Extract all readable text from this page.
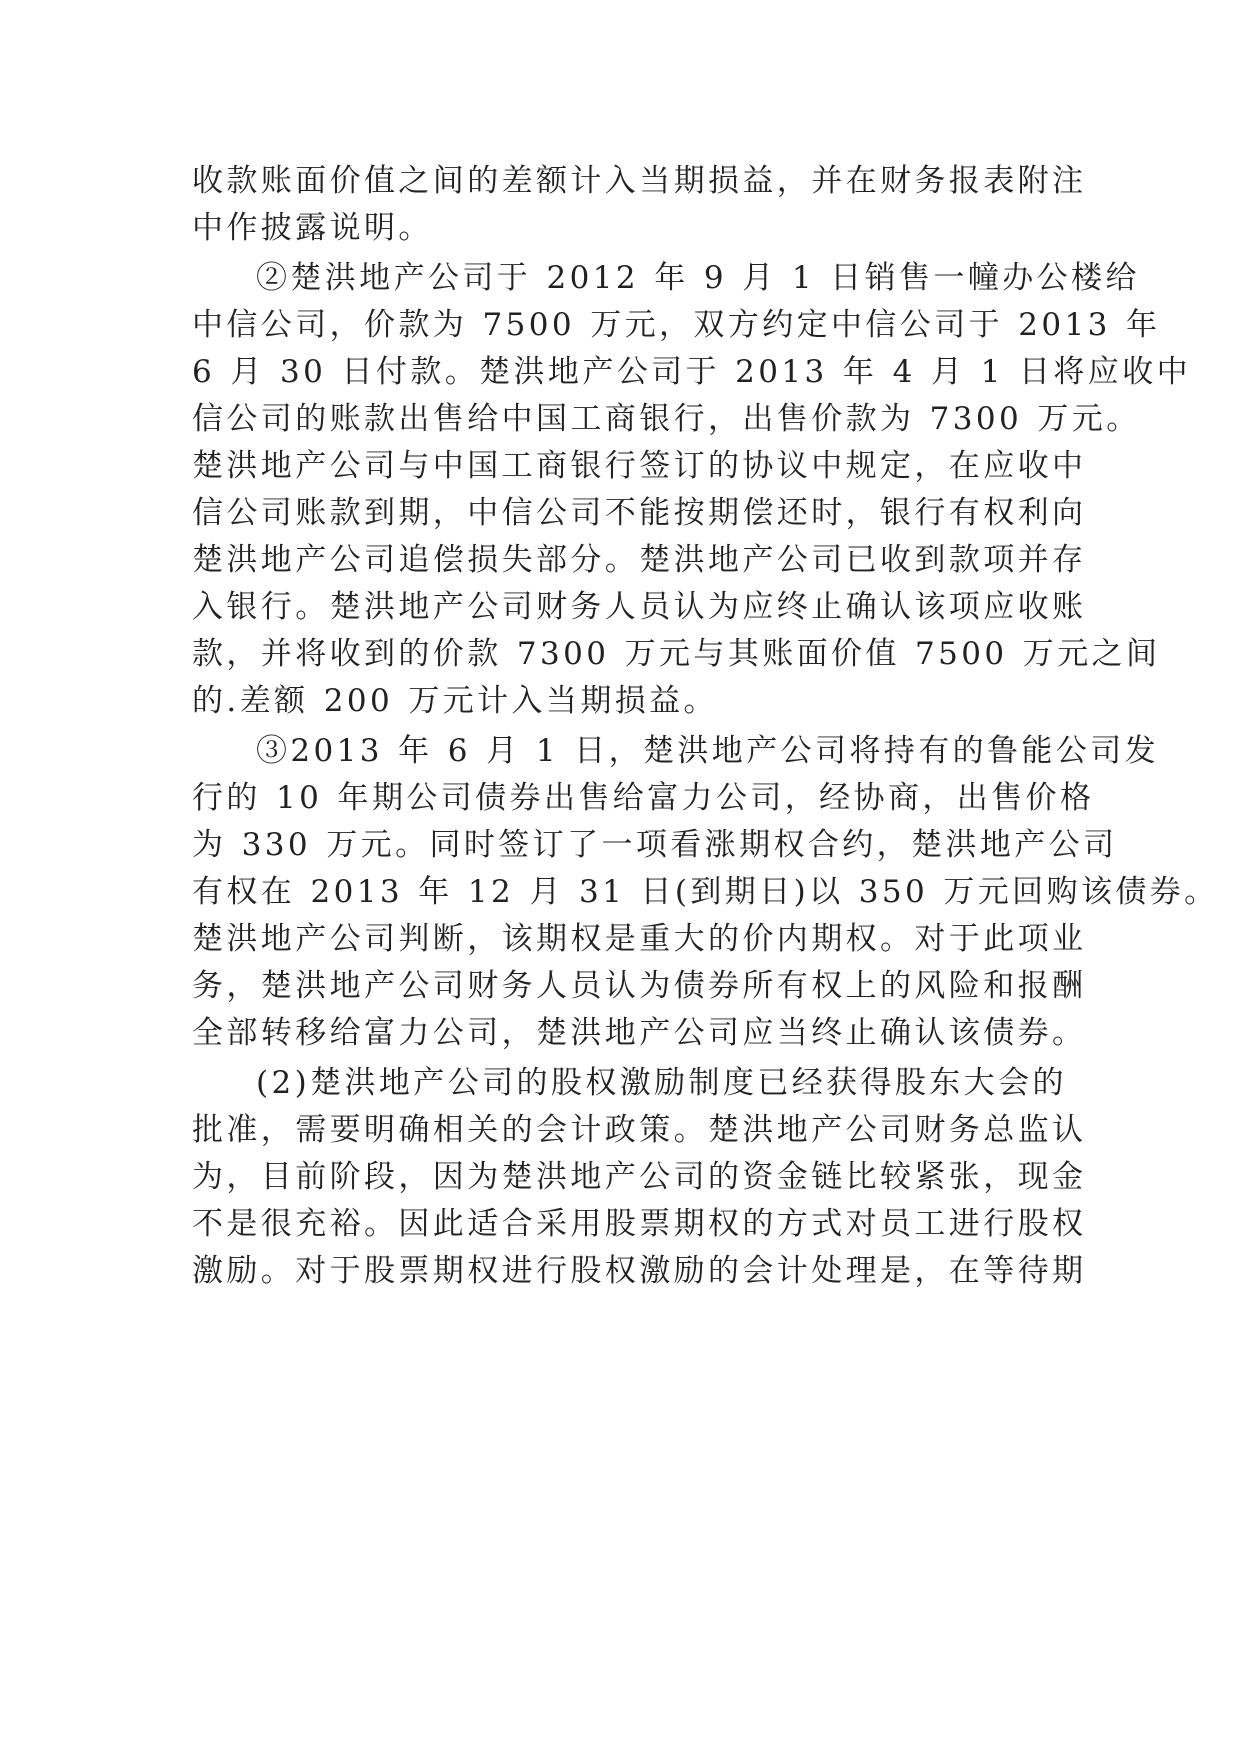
收款账面价值之间的差额计入当期损益，并在财务报表附注
中作披露说明。
②楚洪地产公司于 2012 年 9 月 1 日销售一幢办公楼给
中信公司，价款为 7500 万元，双方约定中信公司于 2013 年
6 月 30 日付款。楚洪地产公司于 2013 年 4 月 1 日将应收中
信公司的账款出售给中国工商银行，出售价款为 7300 万元。
楚洪地产公司与中国工商银行签订的协议中规定，在应收中
信公司账款到期，中信公司不能按期偿还时，银行有权利向
楚洪地产公司追偿损失部分。楚洪地产公司已收到款项并存
入银行。楚洪地产公司财务人员认为应终止确认该项应收账
款，并将收到的价款 7300 万元与其账面价值 7500 万元之间
的.差额 200 万元计入当期损益。
③2013 年 6 月 1 日，楚洪地产公司将持有的鲁能公司发
行的 10 年期公司债券出售给富力公司，经协商，出售价格
为 330 万元。同时签订了一项看涨期权合约，楚洪地产公司
有权在 2013 年 12 月 31 日(到期日)以 350 万元回购该债券。
楚洪地产公司判断，该期权是重大的价内期权。对于此项业
务，楚洪地产公司财务人员认为债券所有权上的风险和报酬
全部转移给富力公司，楚洪地产公司应当终止确认该债券。
(2)楚洪地产公司的股权激励制度已经获得股东大会的
批准，需要明确相关的会计政策。楚洪地产公司财务总监认
为，目前阶段，因为楚洪地产公司的资金链比较紧张，现金
不是很充裕。因此适合采用股票期权的方式对员工进行股权
激励。对于股票期权进行股权激励的会计处理是，在等待期
